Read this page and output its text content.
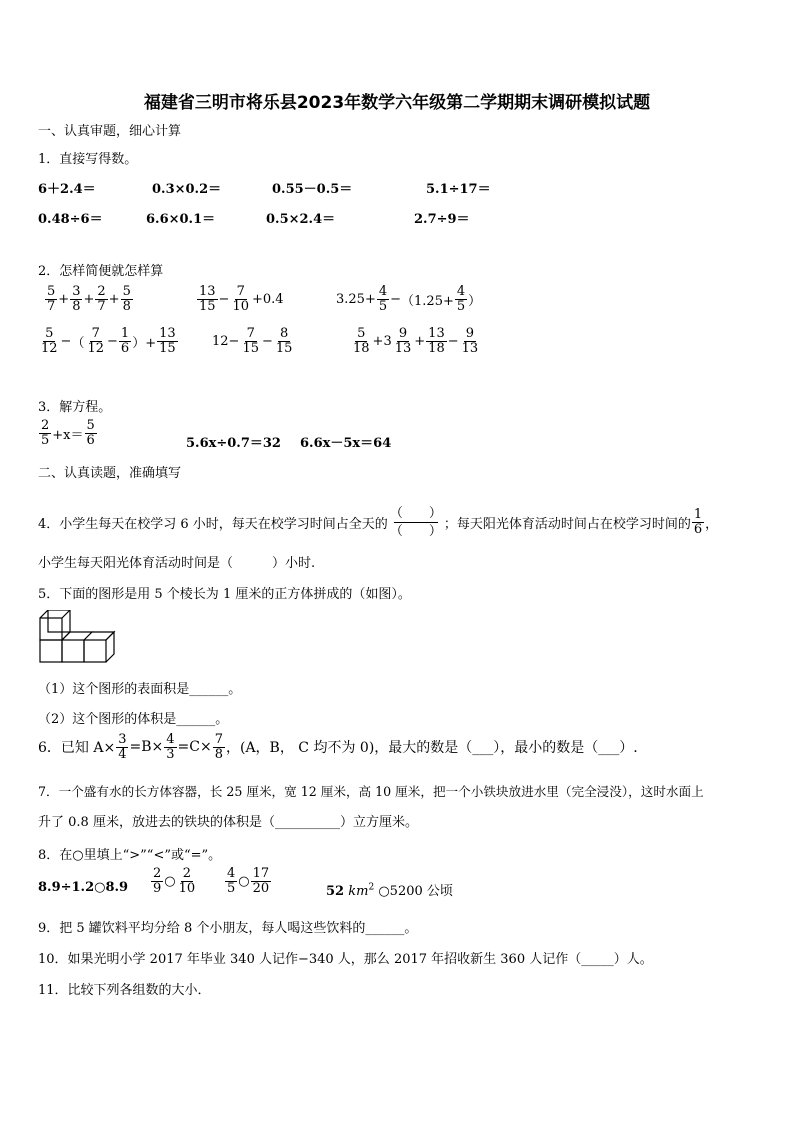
福建省三明市将乐县2023年数学六年级第二学期期末调研模拟试题
一、认真审题，细心计算
1．直接写得数。
6＋2.4＝	0.3×0.2＝	0.55－0.5＝	5.1÷17＝
0.48÷6＝	6.6×0.1＝	0.5×2.4＝	2.7÷9＝
2．怎样简便就怎样算
$\frac{5}{7} + \frac{3}{8} + \frac{2}{7} + \frac{5}{8}$	$\frac{13}{15} - \frac{7}{10} +0.4$	$3.25+ \frac{4}{5} - (1.25+ \frac{4}{5}$ ）
$\frac{5}{12}$ − （ $\frac{7}{12} - \frac{1}{6}$ ）+ $\frac{13}{15}$	$12- \frac{7}{15} - \frac{8}{15}$	$\frac{5}{18} +3 \frac{9}{13} + \frac{13}{18} - \frac{9}{13}$
3．解方程。
$\frac{2}{5} +x= \frac{5}{6}$	5.6x÷0.7＝32 6.6x－5x＝64
二、认真读题，准确填写
4．小学生每天在校学习 6 小时，每天在校学习时间占全天的
（　　）
（　　） ；每天阳光体育活动时间占在校学习时间的 $\frac{1}{6}$ ，
小学生每天阳光体育活动时间是（　　　）小时.
5．下面的图形是用 5 个棱长为 1 厘米的正方体拼成的（如图）。
（1）这个图形的表面积是______。
（2）这个图形的体积是______。
6．已知 $A\times \frac{3}{4} =B\times \frac{4}{3} =C\times \frac{7}{8}$ ，(A，B， C 均不为 0)，最大的数是（___），最小的数是（___）.
7．一个盛有水的长方体容器，长 25 厘米，宽 12 厘米，高 10 厘米，把一个小铁块放进水里（完全浸没），这时水面上
升了 0.8 厘米，放进去的铁块的体积是（__________）立方厘米。
8．在○里填上“>”“<”或“=”。
8.9÷1.2○8.9 $\frac{2}{9}$ ○ $\frac{2}{10} \frac{4}{5}$ ○ $\frac{17}{20}$	52 $km^2$ ○5200 公顷
9．把 5 罐饮料平均分给 8 个小朋友，每人喝这些饮料的______。
10．如果光明小学 2017 年毕业 340 人记作−340 人，那么 2017 年招收新生 360 人记作（_____）人。
11．比较下列各组数的大小．
